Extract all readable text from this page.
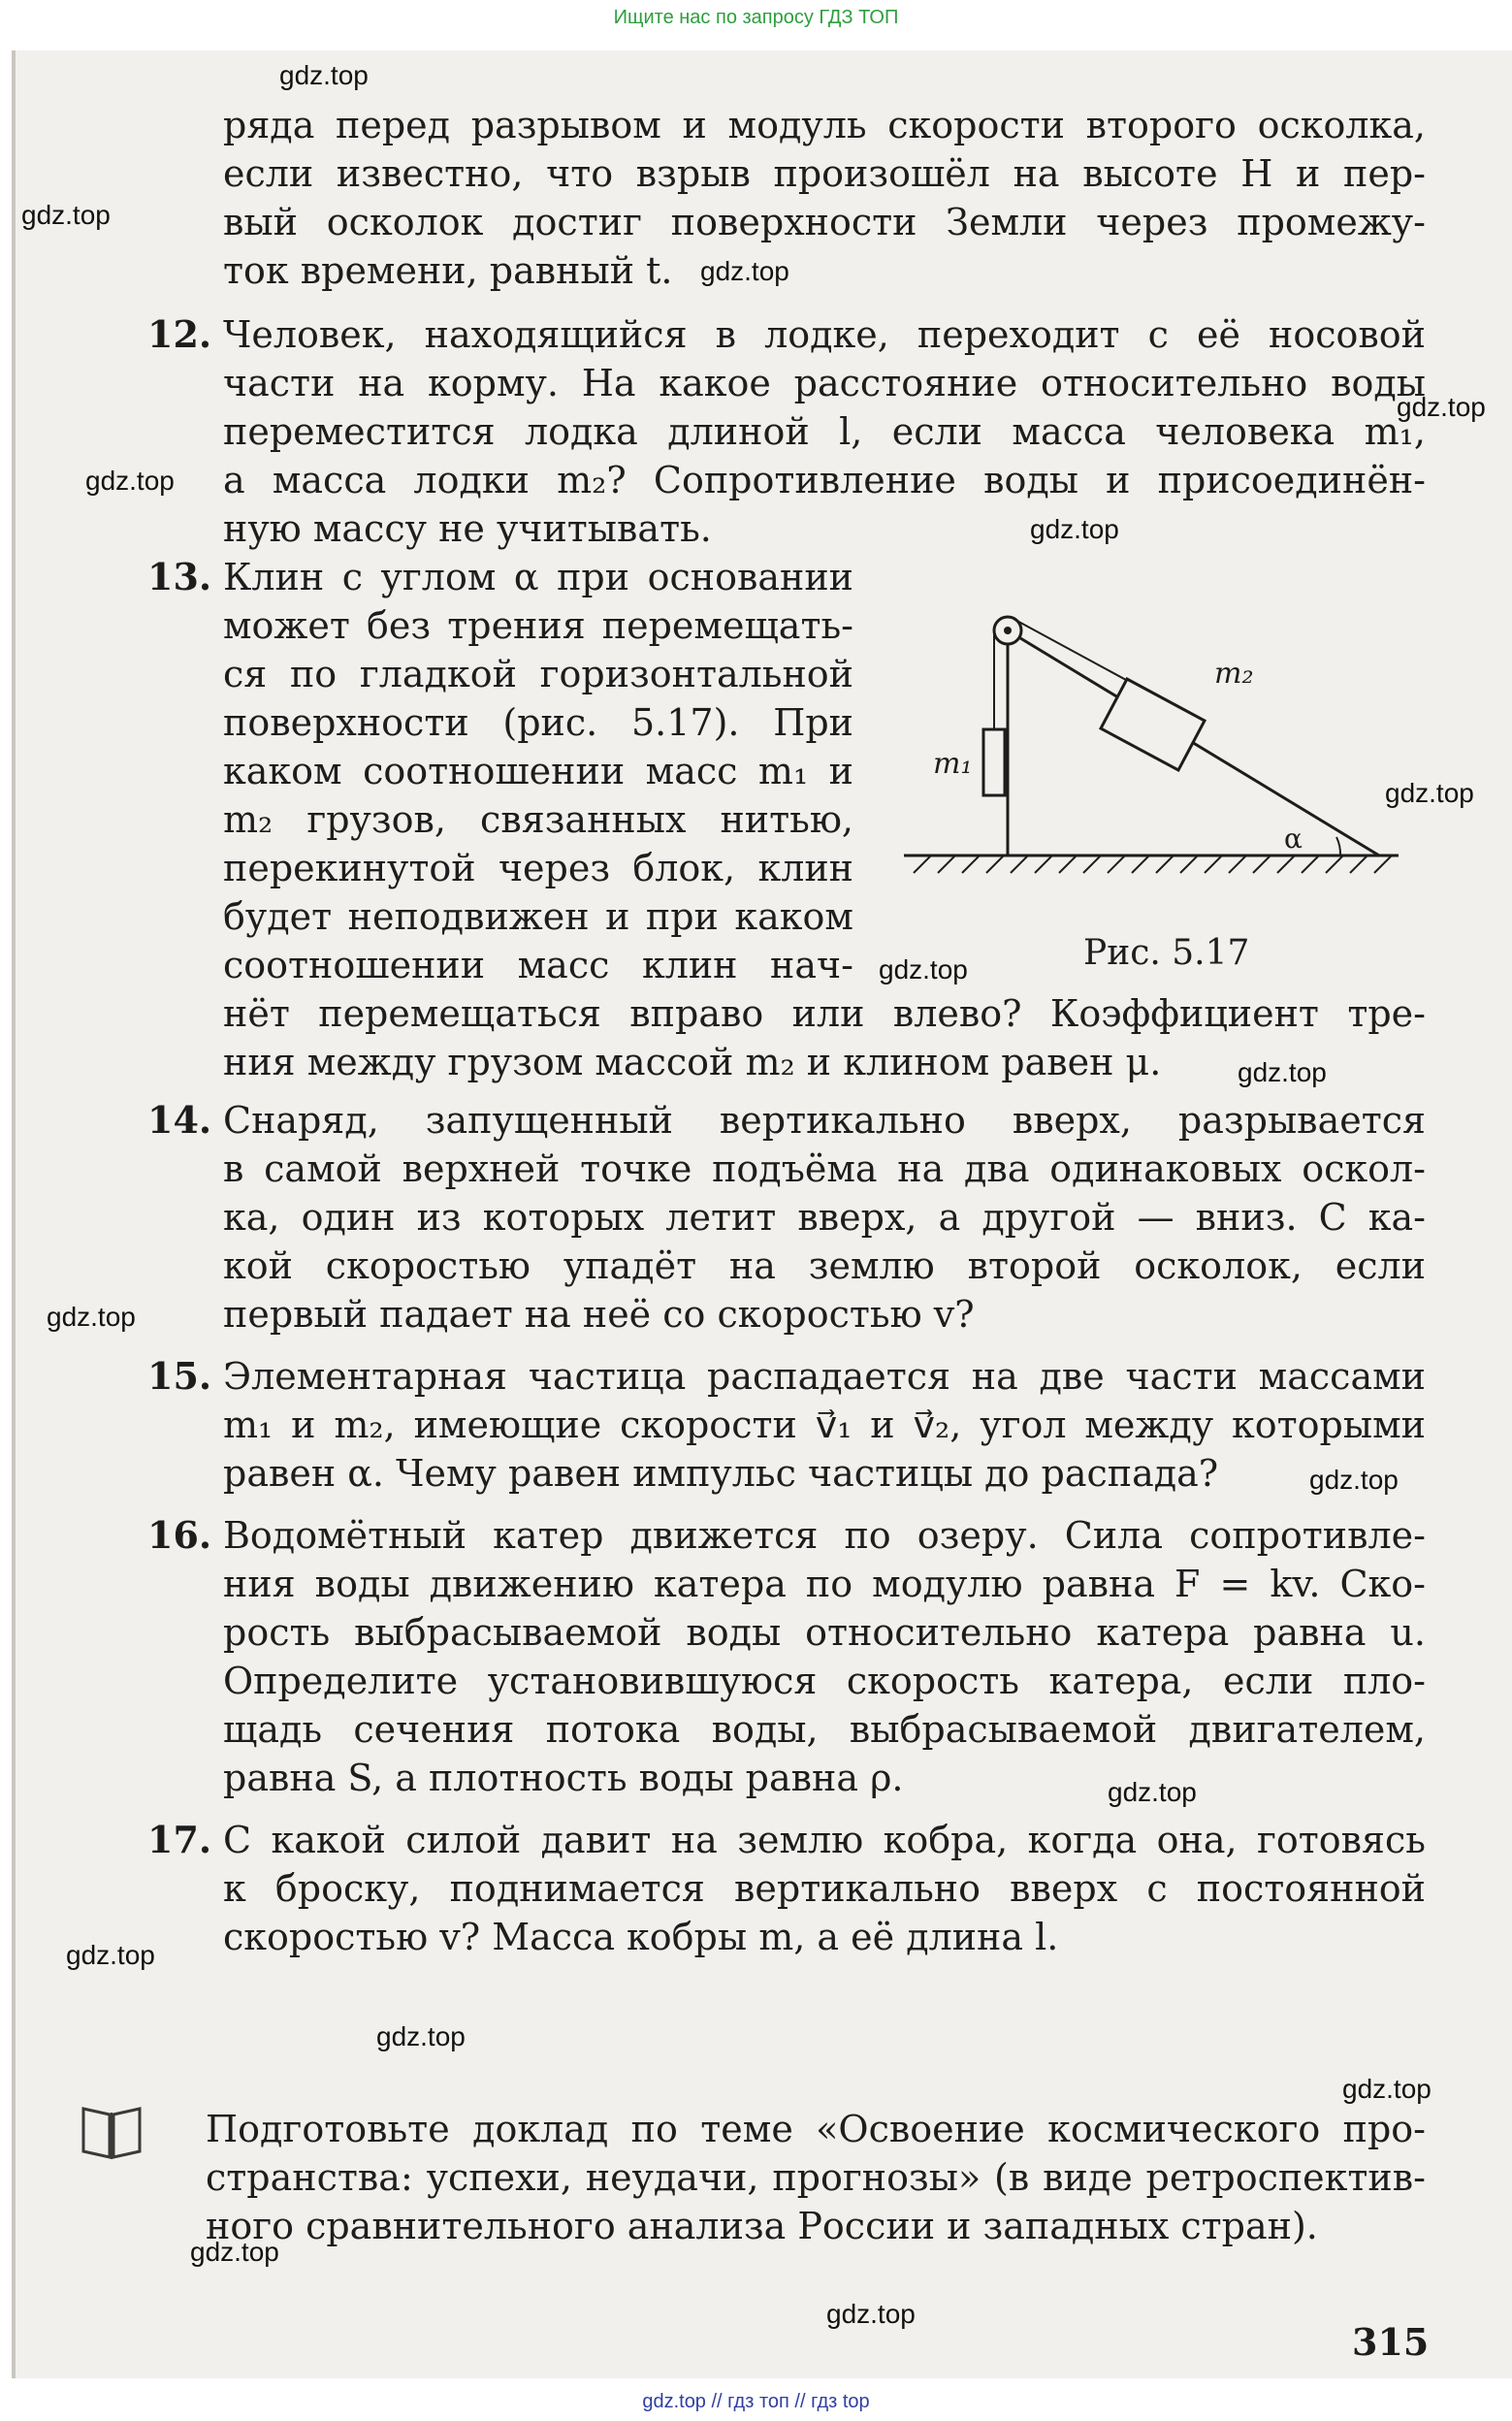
Ищите нас по запросу ГДЗ ТОП
ряда перед разрывом и модуль скорости второго осколка,
если известно, что взрыв произошёл на высоте H и пер-
вый осколок достиг поверхности Земли через промежу-
ток времени, равный t.
12. Человек, находящийся в лодке, переходит с её носовой
части на корму. На какое расстояние относительно воды
переместится лодка длиной l, если масса человека m₁,
а масса лодки m₂? Сопротивление воды и присоединён-
ную массу не учитывать.
13. Клин с углом α при основании
может без трения перемещать-
ся по гладкой горизонтальной
поверхности (рис. 5.17). При
каком соотношении масс m₁ и
m₂ грузов, связанных нитью,
перекинутой через блок, клин
будет неподвижен и при каком
соотношении масс клин нач-
нёт перемещаться вправо или влево? Коэффициент тре-
ния между грузом массой m₂ и клином равен μ.
m₁
m₂
α
Рис. 5.17
14. Снаряд, запущенный вертикально вверх, разрывается
в самой верхней точке подъёма на два одинаковых оскол-
ка, один из которых летит вверх, а другой — вниз. С ка-
кой скоростью упадёт на землю второй осколок, если
первый падает на неё со скоростью v?
15. Элементарная частица распадается на две части массами
m₁ и m₂, имеющие скорости v⃗₁ и v⃗₂, угол между которыми
равен α. Чему равен импульс частицы до распада?
16. Водомётный катер движется по озеру. Сила сопротивле-
ния воды движению катера по модулю равна F = kv. Ско-
рость выбрасываемой воды относительно катера равна u.
Определите установившуюся скорость катера, если пло-
щадь сечения потока воды, выбрасываемой двигателем,
равна S, а плотность воды равна ρ.
17. С какой силой давит на землю кобра, когда она, готовясь
к броску, поднимается вертикально вверх с постоянной
скоростью v? Масса кобры m, а её длина l.
Подготовьте доклад по теме «Освоение космического про-
странства: успехи, неудачи, прогнозы» (в виде ретроспектив-
ного сравнительного анализа России и западных стран).
315
gdz.top
gdz.top
gdz.top
gdz.top
gdz.top
gdz.top
gdz.top
gdz.top
gdz.top
gdz.top
gdz.top
gdz.top
gdz.top
gdz.top
gdz.top
gdz.top
gdz.top
gdz.top // гдз топ // гдз top
